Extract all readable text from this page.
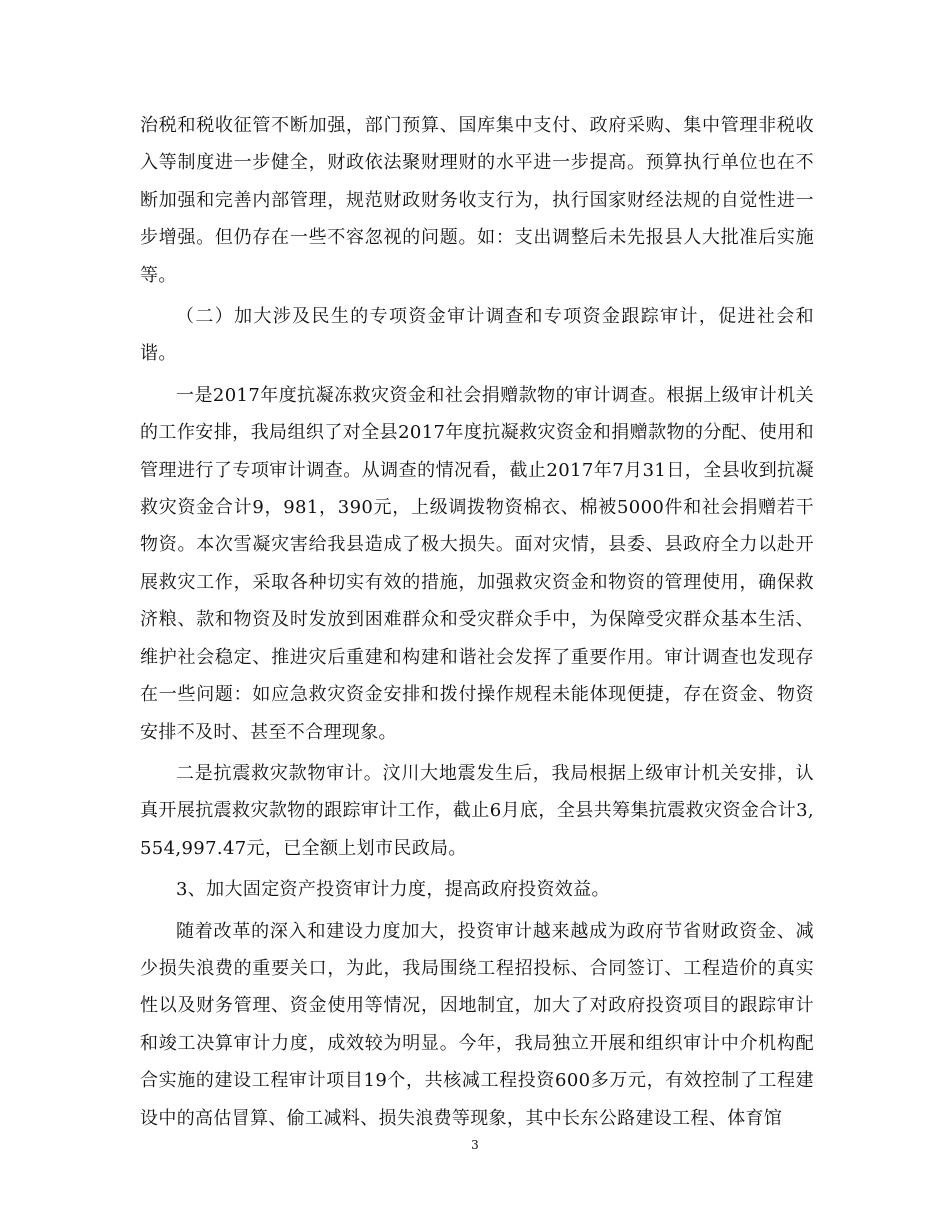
治税和税收征管不断加强，部门预算、国库集中支付、政府采购、集中管理非税收入等制度进一步健全，财政依法聚财理财的水平进一步提高。预算执行单位也在不断加强和完善内部管理，规范财政财务收支行为，执行国家财经法规的自觉性进一步增强。但仍存在一些不容忽视的问题。如：支出调整后未先报县人大批准后实施等。

（二）加大涉及民生的专项资金审计调查和专项资金跟踪审计，促进社会和谐。

一是2017年度抗凝冻救灾资金和社会捐赠款物的审计调查。根据上级审计机关的工作安排，我局组织了对全县2017年度抗凝救灾资金和捐赠款物的分配、使用和管理进行了专项审计调查。从调查的情况看，截止2017年7月31日，全县收到抗凝救灾资金合计9，981，390元，上级调拨物资棉衣、棉被5000件和社会捐赠若干物资。本次雪凝灾害给我县造成了极大损失。面对灾情，县委、县政府全力以赴开展救灾工作，采取各种切实有效的措施，加强救灾资金和物资的管理使用，确保救济粮、款和物资及时发放到困难群众和受灾群众手中，为保障受灾群众基本生活、维护社会稳定、推进灾后重建和构建和谐社会发挥了重要作用。审计调查也发现存在一些问题：如应急救灾资金安排和拨付操作规程未能体现便捷，存在资金、物资安排不及时、甚至不合理现象。

二是抗震救灾款物审计。汶川大地震发生后，我局根据上级审计机关安排，认真开展抗震救灾款物的跟踪审计工作，截止6月底，全县共筹集抗震救灾资金合计3,554,997.47元，已全额上划市民政局。

3、加大固定资产投资审计力度，提高政府投资效益。

随着改革的深入和建设力度加大，投资审计越来越成为政府节省财政资金、减少损失浪费的重要关口，为此，我局围绕工程招投标、合同签订、工程造价的真实性以及财务管理、资金使用等情况，因地制宜，加大了对政府投资项目的跟踪审计和竣工决算审计力度，成效较为明显。今年，我局独立开展和组织审计中介机构配合实施的建设工程审计项目19个，共核减工程投资600多万元，有效控制了工程建设中的高估冒算、偷工减料、损失浪费等现象，其中长东公路建设工程、体育馆

3
